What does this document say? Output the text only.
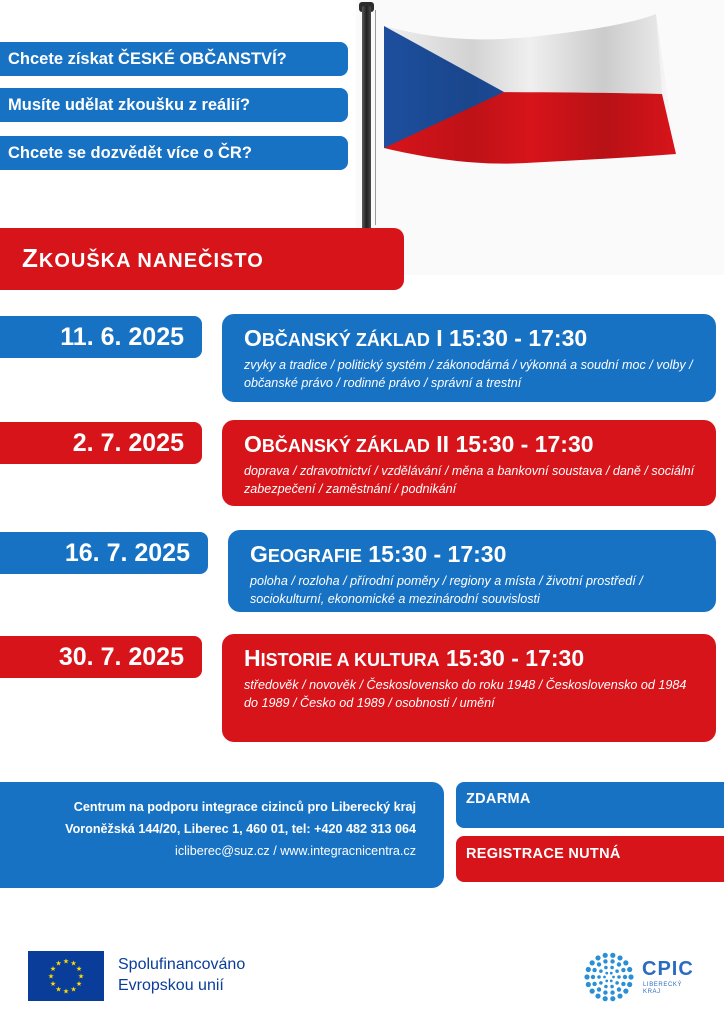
Chcete získat ČESKÉ OBČANSTVÍ?
Musíte udělat zkoušku z reálií?
Chcete se dozvědět více o ČR?
ZKOUŠKA NANEČISTO
11. 6. 2025	OBČANSKÝ ZÁKLAD I 15:30 - 17:30
zvyky a tradice / politický systém / zákonodárná / výkonná a soudní moc / volby / občanské právo / rodinné právo / správní a trestní
2. 7. 2025	OBČANSKÝ ZÁKLAD II 15:30 - 17:30
doprava / zdravotnictví / vzdělávání / měna a bankovní soustava / daně / sociální zabezpečení / zaměstnání / podnikání
16. 7. 2025	GEOGRAFIE 15:30 - 17:30
poloha / rozloha / přírodní poměry / regiony a místa / životní prostředí / sociokulturní, ekonomické a mezinárodní souvislosti
30. 7. 2025	HISTORIE A KULTURA 15:30 - 17:30
středověk / novověk / Československo do roku 1948 / Československo od 1984 do 1989 / Česko od 1989 / osobnosti / umění
Centrum na podporu integrace cizinců pro Liberecký kraj
Voroněžská 144/20, Liberec 1, 460 01, tel: +420 482 313 064
icliberec@suz.cz / www.integracnicentra.cz
ZDARMA
REGISTRACE NUTNÁ
★
★
★
★
★
★
★
★
★ ★ ★
★ Spolufinancováno
Evropskou unií
CPIC
LIBERECKÝ
KRAJ
